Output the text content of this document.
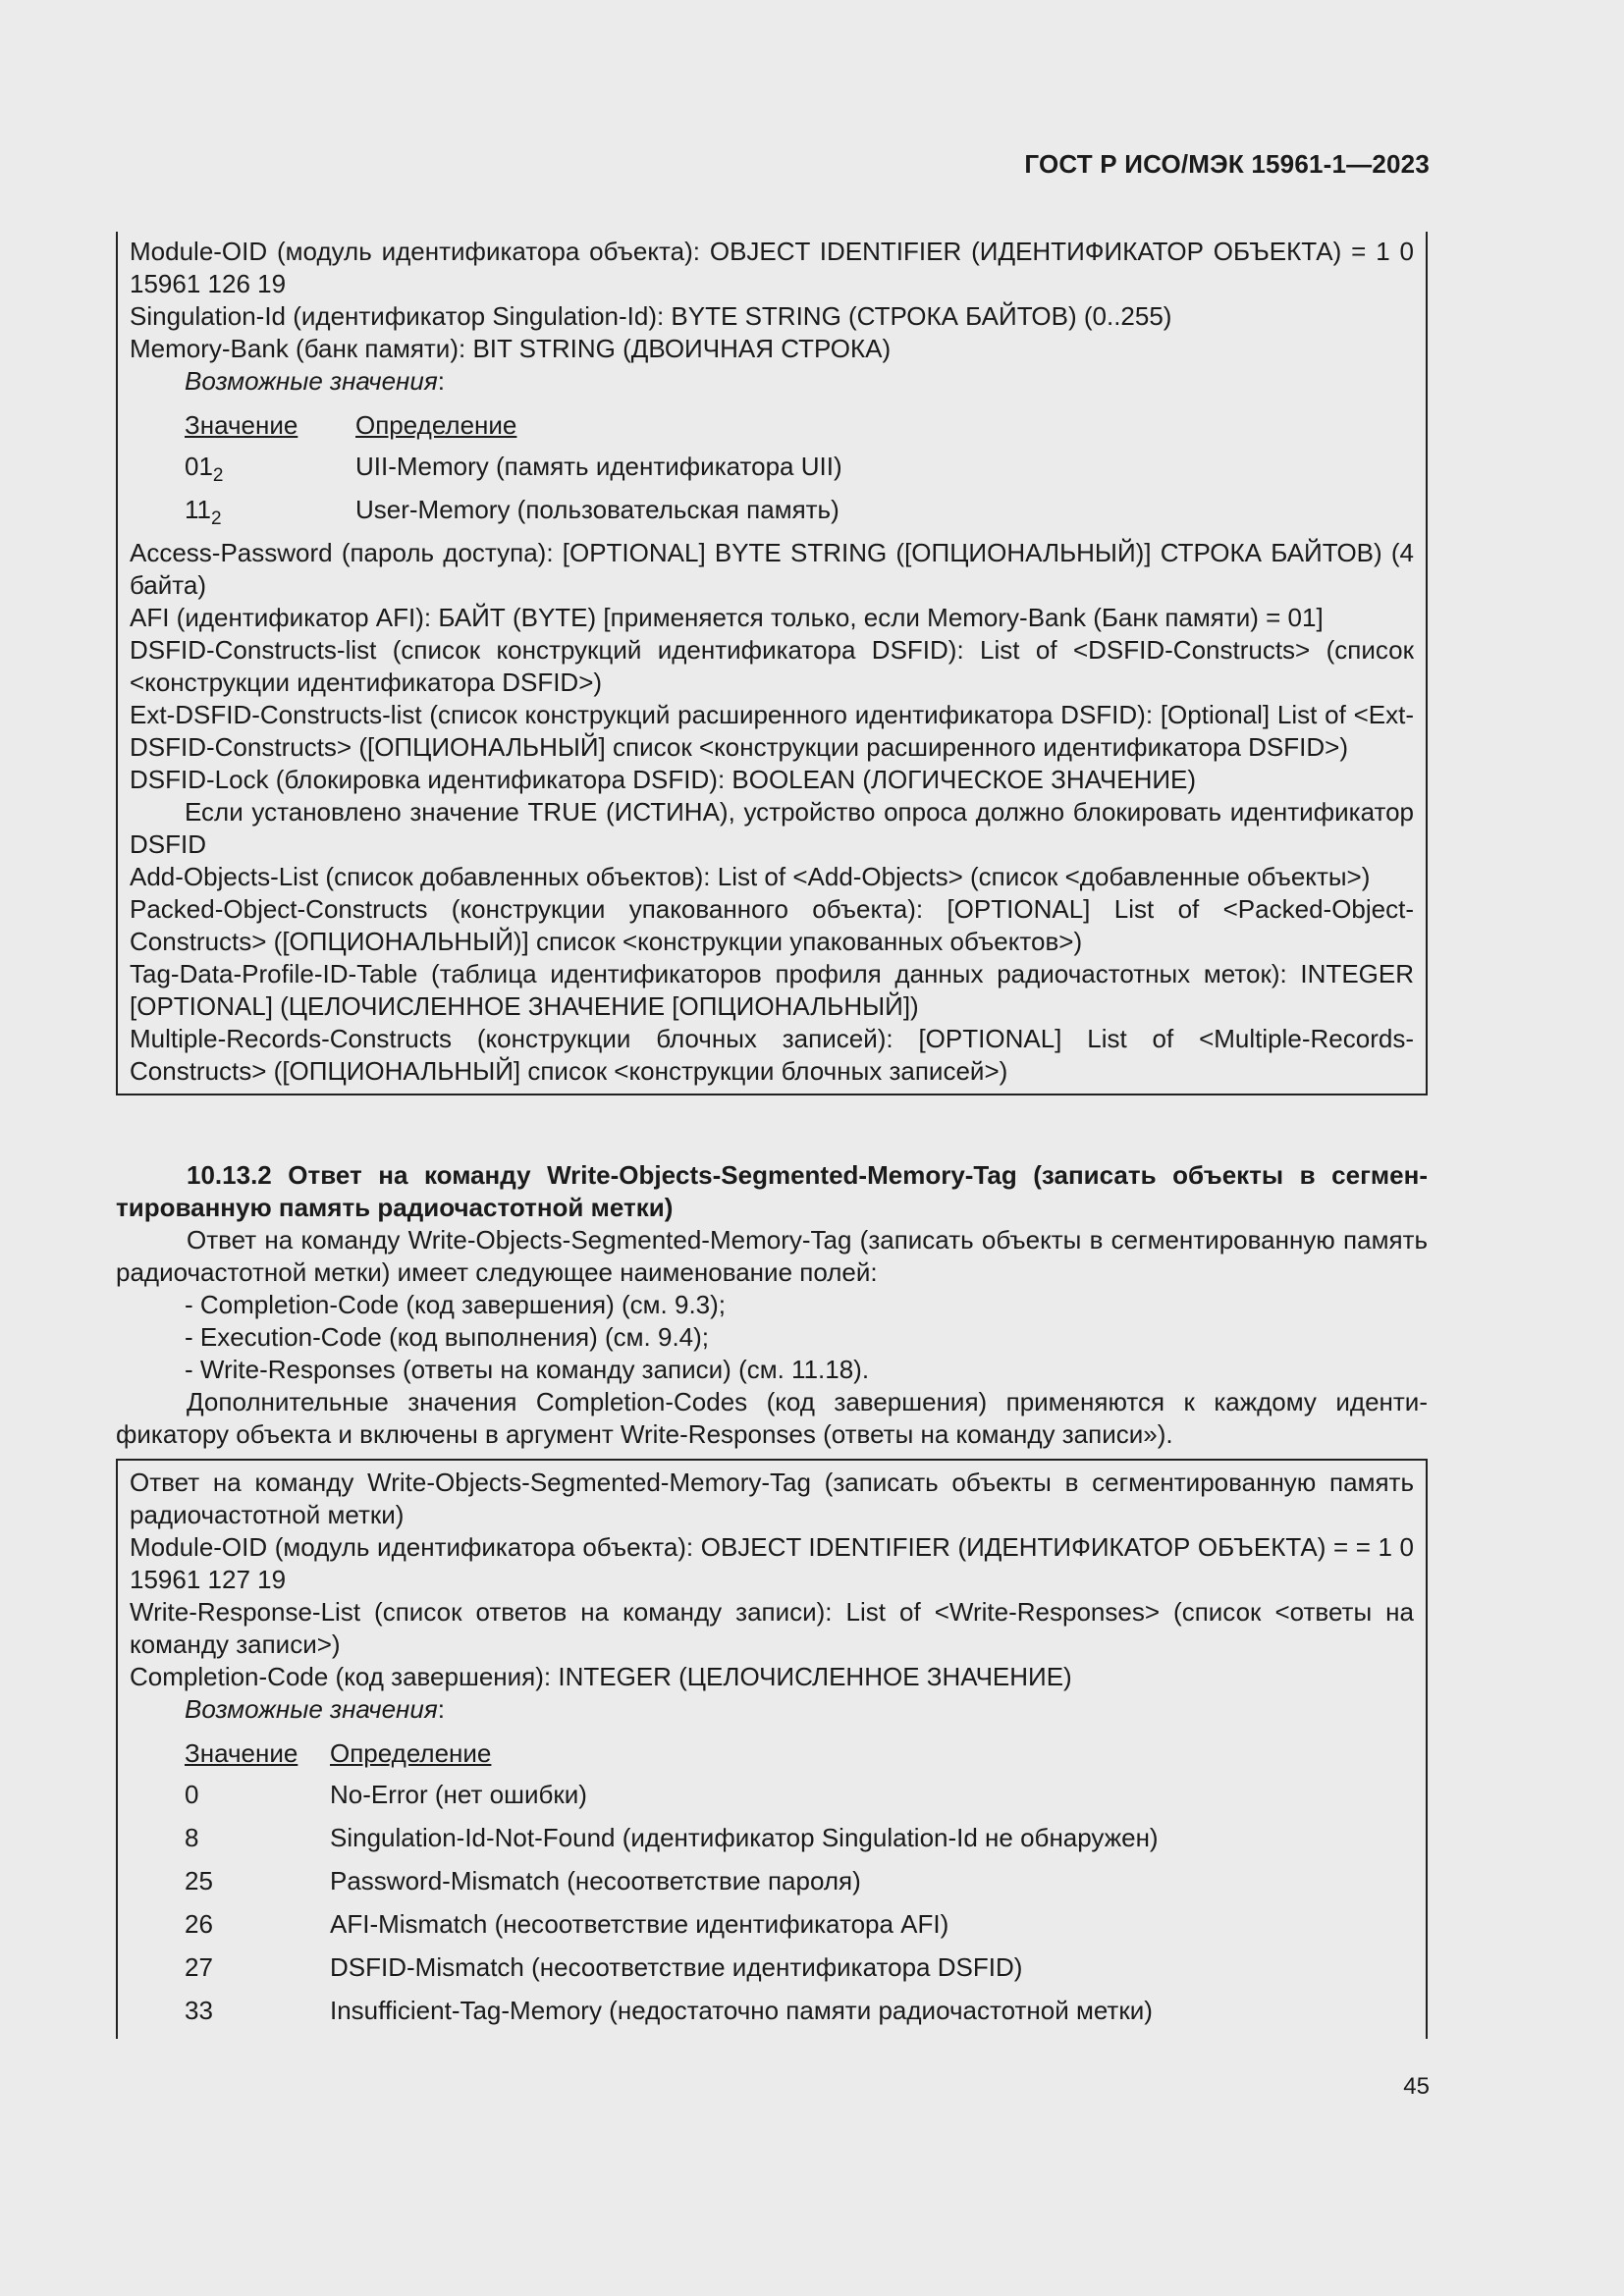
ГОСТ Р ИСО/МЭК 15961-1—2023
Module-OID (модуль идентификатора объекта): OBJECT IDENTIFIER (ИДЕНТИФИКАТОР ОБЪЕКТА) = 1 0 15961 126 19
Singulation-Id (идентификатор Singulation-Id): BYTE STRING (СТРОКА БАЙТОВ) (0..255)
Memory-Bank (банк памяти): BIT STRING (ДВОИЧНАЯ СТРОКА)
Возможные значения:
Значение	Определение
$01_2$	UII-Memory (память идентификатора UII)
$11_2$	User-Memory (пользовательская память)
Access-Password (пароль доступа): [OPTIONAL] BYTE STRING ([ОПЦИОНАЛЬНЫЙ)] СТРОКА БАЙТОВ) (4 байта)
AFI (идентификатор AFI): БАЙТ (BYTE) [применяется только, если Memory-Bank (Банк памяти) = 01]
DSFID-Constructs-list (список конструкций идентификатора DSFID): List of <DSFID-Constructs> (список <конструкции идентификатора DSFID>)
Ext-DSFID-Constructs-list (список конструкций расширенного идентификатора DSFID): [Optional] List of <Ext-DSFID-Constructs> ([ОПЦИОНАЛЬНЫЙ] список <конструкции расширенного идентификатора DSFID>)
DSFID-Lock (блокировка идентификатора DSFID): BOOLEAN (ЛОГИЧЕСКОЕ ЗНАЧЕНИЕ)
Если установлено значение TRUE (ИСТИНА), устройство опроса должно блокировать идентификатор DSFID
Add-Objects-List (список добавленных объектов): List of <Add-Objects> (список <добавленные объекты>)
Packed-Object-Constructs (конструкции упакованного объекта): [OPTIONAL] List of <Packed-Object-Constructs> ([ОПЦИОНАЛЬНЫЙ)] список <конструкции упакованных объектов>)
Tag-Data-Profile-ID-Table (таблица идентификаторов профиля данных радиочастотных меток): INTEGER [OPTIONAL] (ЦЕЛОЧИСЛЕННОЕ ЗНАЧЕНИЕ [ОПЦИОНАЛЬНЫЙ])
Multiple-Records-Constructs (конструкции блочных записей): [OPTIONAL] List of <Multiple-Records-Constructs> ([ОПЦИОНАЛЬНЫЙ] список <конструкции блочных записей>)
10.13.2 Ответ на команду Write-Objects-Segmented-Memory-Tag (записать объекты в сегментированную память радиочастотной метки)
Ответ на команду Write-Objects-Segmented-Memory-Tag (записать объекты в сегментированную память радиочастотной метки) имеет следующее наименование полей:
- Completion-Code (код завершения) (см. 9.3);
- Execution-Code (код выполнения) (см. 9.4);
- Write-Responses (ответы на команду записи) (см. 11.18).
Дополнительные значения Completion-Codes (код завершения) применяются к каждому идентификатору объекта и включены в аргумент Write-Responses (ответы на команду записи»).
Ответ на команду Write-Objects-Segmented-Memory-Tag (записать объекты в сегментированную память радиочастотной метки)
Module-OID (модуль идентификатора объекта): OBJECT IDENTIFIER (ИДЕНТИФИКАТОР ОБЪЕКТА) = = 1 0 15961 127 19
Write-Response-List (список ответов на команду записи): List of <Write-Responses> (список <ответы на команду записи>)
Completion-Code (код завершения): INTEGER (ЦЕЛОЧИСЛЕННОЕ ЗНАЧЕНИЕ)
Возможные значения:
Значение	Определение
0	No-Error (нет ошибки)
8	Singulation-Id-Not-Found (идентификатор Singulation-Id не обнаружен)
25	Password-Mismatch (несоответствие пароля)
26	AFI-Mismatch (несоответствие идентификатора AFI)
27	DSFID-Mismatch (несоответствие идентификатора DSFID)
33	Insufficient-Tag-Memory (недостаточно памяти радиочастотной метки)
45
